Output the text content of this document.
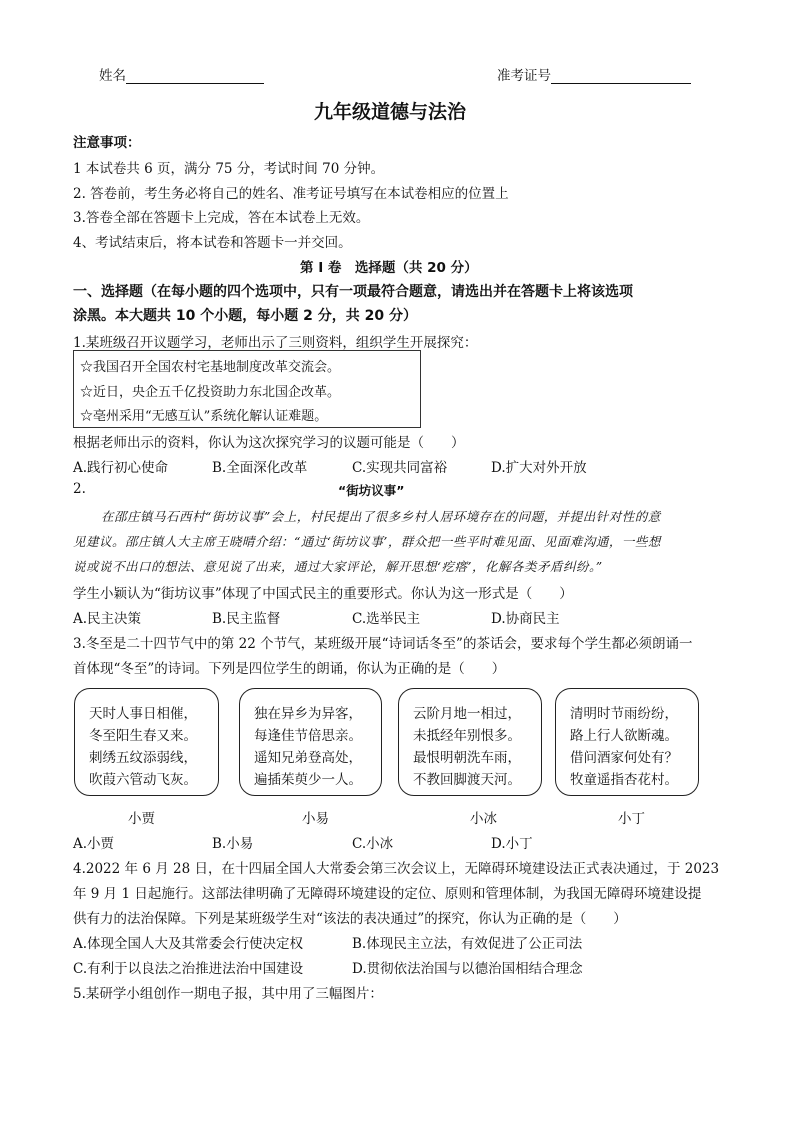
姓名	准考证号
九年级道德与法治
注意事项：
1 本试卷共 6 页，满分 75 分，考试时间 70 分钟。
2. 答卷前，考生务必将自己的姓名、准考证号填写在本试卷相应的位置上
3.答卷全部在答题卡上完成，答在本试卷上无效。
4、考试结束后，将本试卷和答题卡一并交回。
第 Ⅰ 卷　选择题（共 20 分）
一、选择题（在每小题的四个选项中，只有一项最符合题意，请选出并在答题卡上将该选项
涂黑。本大题共 10 个小题，每小题 2 分，共 20 分）
1.某班级召开议题学习，老师出示了三则资料，组织学生开展探究：
☆我国召开全国农村宅基地制度改革交流会。
☆近日，央企五千亿投资助力东北国企改革。
☆亳州采用“无感互认”系统化解认证难题。
根据老师出示的资料，你认为这次探究学习的议题可能是（　　）
A.践行初心使命	B.全面深化改革	C.实现共同富裕	D.扩大对外开放
2.	“街坊议事”
在邵庄镇马石西村“街坊议事”会上，村民提出了很多乡村人居环境存在的问题，并提出针对性的意
见建议。邵庄镇人大主席王晓晴介绍：“通过‘街坊议事’，群众把一些平时难见面、见面难沟通，一些想
说或说不出口的想法、意见说了出来，通过大家评论，解开思想‘疙瘩’，化解各类矛盾纠纷。”
学生小颖认为“街坊议事”体现了中国式民主的重要形式。你认为这一形式是（　　）
A.民主决策	B.民主监督	C.选举民主	D.协商民主
3.冬至是二十四节气中的第 22 个节气，某班级开展“诗词话冬至”的茶话会，要求每个学生都必须朗诵一
首体现“冬至”的诗词。下列是四位学生的朗诵，你认为正确的是（　　）
天时人事日相催，
冬至阳生春又来。
刺绣五纹添弱线，
吹葭六管动飞灰。
独在异乡为异客，
每逢佳节倍思亲。
遥知兄弟登高处，
遍插茱萸少一人。
云阶月地一相过，
未抵经年别恨多。
最恨明朝洗车雨，
不教回脚渡天河。
清明时节雨纷纷，
路上行人欲断魂。
借问酒家何处有？
牧童遥指杏花村。
小贾	小易	小冰	小丁
A.小贾	B.小易	C.小冰	D.小丁
4.2022 年 6 月 28 日，在十四届全国人大常委会第三次会议上，无障碍环境建设法正式表决通过，于 2023
年 9 月 1 日起施行。这部法律明确了无障碍环境建设的定位、原则和管理体制，为我国无障碍环境建设提
供有力的法治保障。下列是某班级学生对“该法的表决通过”的探究，你认为正确的是（　　）
A.体现全国人大及其常委会行使决定权	B.体现民主立法，有效促进了公正司法
C.有利于以良法之治推进法治中国建设	D.贯彻依法治国与以德治国相结合理念
5.某研学小组创作一期电子报，其中用了三幅图片：
